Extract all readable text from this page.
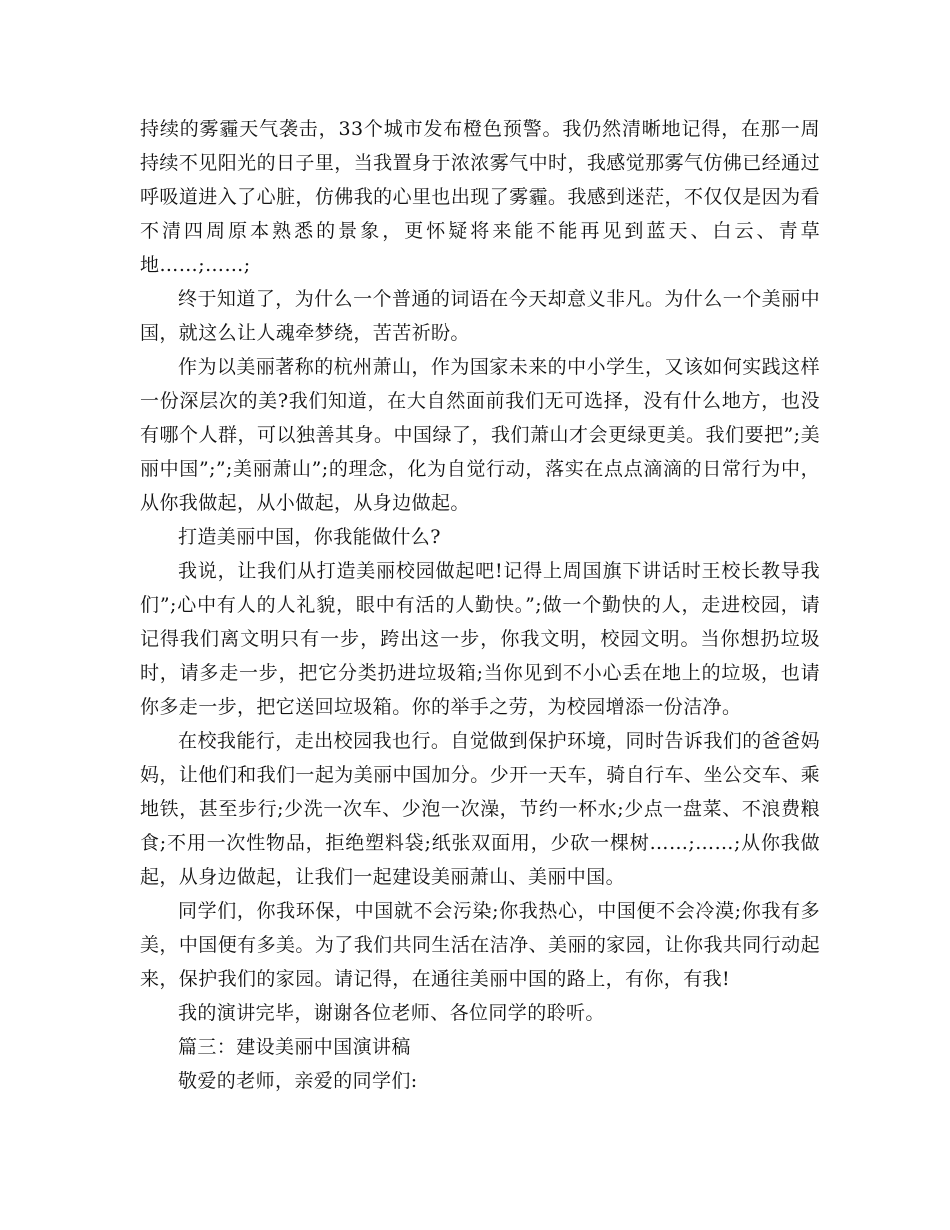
持续的雾霾天气袭击，33个城市发布橙色预警。我仍然清晰地记得，在那一周持续不见阳光的日子里，当我置身于浓浓雾气中时，我感觉那雾气仿佛已经通过呼吸道进入了心脏，仿佛我的心里也出现了雾霾。我感到迷茫，不仅仅是因为看不清四周原本熟悉的景象，更怀疑将来能不能再见到蓝天、白云、青草地……;……;

终于知道了，为什么一个普通的词语在今天却意义非凡。为什么一个美丽中国，就这么让人魂牵梦绕，苦苦祈盼。

作为以美丽著称的杭州萧山，作为国家未来的中小学生，又该如何实践这样一份深层次的美?我们知道，在大自然面前我们无可选择，没有什么地方，也没有哪个人群，可以独善其身。中国绿了，我们萧山才会更绿更美。我们要把”;美丽中国”;”;美丽萧山”;的理念，化为自觉行动，落实在点点滴滴的日常行为中，从你我做起，从小做起，从身边做起。

打造美丽中国，你我能做什么?

我说，让我们从打造美丽校园做起吧!记得上周国旗下讲话时王校长教导我们”;心中有人的人礼貌，眼中有活的人勤快。”;做一个勤快的人，走进校园，请记得我们离文明只有一步，跨出这一步，你我文明，校园文明。当你想扔垃圾时，请多走一步，把它分类扔进垃圾箱;当你见到不小心丢在地上的垃圾，也请你多走一步，把它送回垃圾箱。你的举手之劳，为校园增添一份洁净。

在校我能行，走出校园我也行。自觉做到保护环境，同时告诉我们的爸爸妈妈，让他们和我们一起为美丽中国加分。少开一天车，骑自行车、坐公交车、乘地铁，甚至步行;少洗一次车、少泡一次澡，节约一杯水;少点一盘菜、不浪费粮食;不用一次性物品，拒绝塑料袋;纸张双面用，少砍一棵树……;……;从你我做起，从身边做起，让我们一起建设美丽萧山、美丽中国。

同学们，你我环保，中国就不会污染;你我热心，中国便不会冷漠;你我有多美，中国便有多美。为了我们共同生活在洁净、美丽的家园，让你我共同行动起来，保护我们的家园。请记得，在通往美丽中国的路上，有你，有我!

我的演讲完毕，谢谢各位老师、各位同学的聆听。

篇三：建设美丽中国演讲稿

敬爱的老师，亲爱的同学们:
